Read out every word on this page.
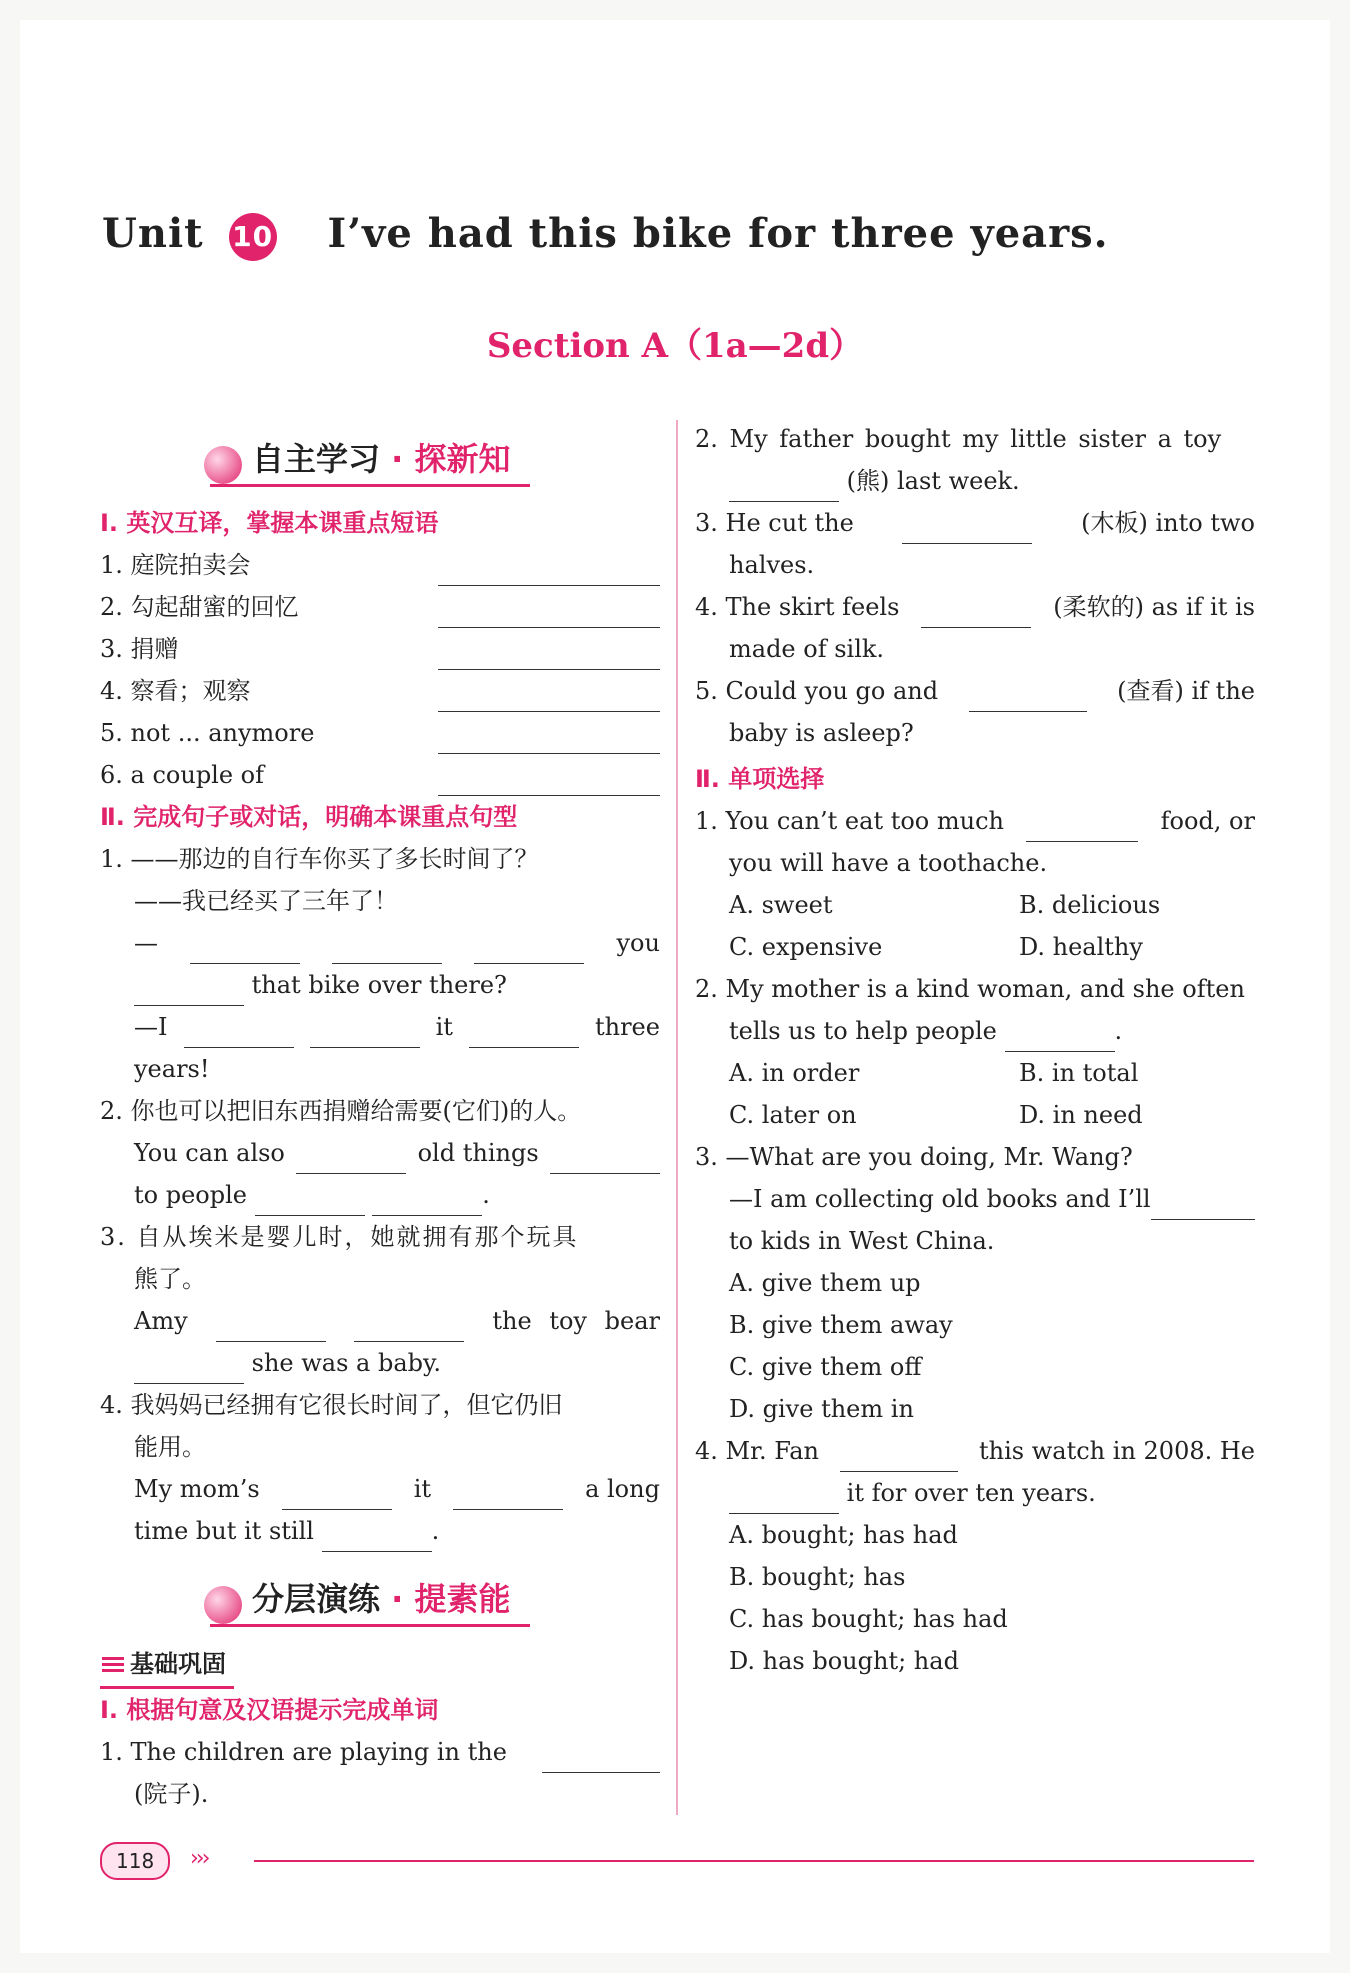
Unit 10 I’ve had this bike for three years.
Section A（1a—2d）
自主学习 · 探新知
Ⅰ. 英汉互译，掌握本课重点短语
1. 庭院拍卖会
2. 勾起甜蜜的回忆
3. 捐赠
4. 察看；观察
5. not ... anymore
6. a couple of
Ⅱ. 完成句子或对话，明确本课重点句型
1. ——那边的自行车你买了多长时间了？
——我已经买了三年了！
—	you
that bike over there?
—I	it	three
years!
2. 你也可以把旧东西捐赠给需要(它们)的人。
You can also	old things
to people	.
3. 自从埃米是婴儿时，她就拥有那个玩具
熊了。
Amy	the toy bear
she was a baby.
4. 我妈妈已经拥有它很长时间了，但它仍旧
能用。
My mom’s	it	a long
time but it still	.
分层演练 · 提素能
基础巩固
Ⅰ. 根据句意及汉语提示完成单词
1. The children are playing in the
(院子).
2. My father bought my little sister a toy
(熊) last week.
3. He cut the	(木板) into two
halves.
4. The skirt feels	(柔软的) as if it is
made of silk.
5. Could you go and	(查看) if the
baby is asleep?
Ⅱ. 单项选择
1. You can’t eat too much	food, or
you will have a toothache.
A. sweet	B. delicious
C. expensive	D. healthy
2. My mother is a kind woman, and she often
tells us to help people	.
A. in order	B. in total
C. later on	D. in need
3. —What are you doing, Mr. Wang?
—I am collecting old books and I’ll
to kids in West China.
A. give them up
B. give them away
C. give them off
D. give them in
4. Mr. Fan	this watch in 2008. He
it for over ten years.
A. bought; has had
B. bought; has
C. has bought; has had
D. has bought; had
118	›››
